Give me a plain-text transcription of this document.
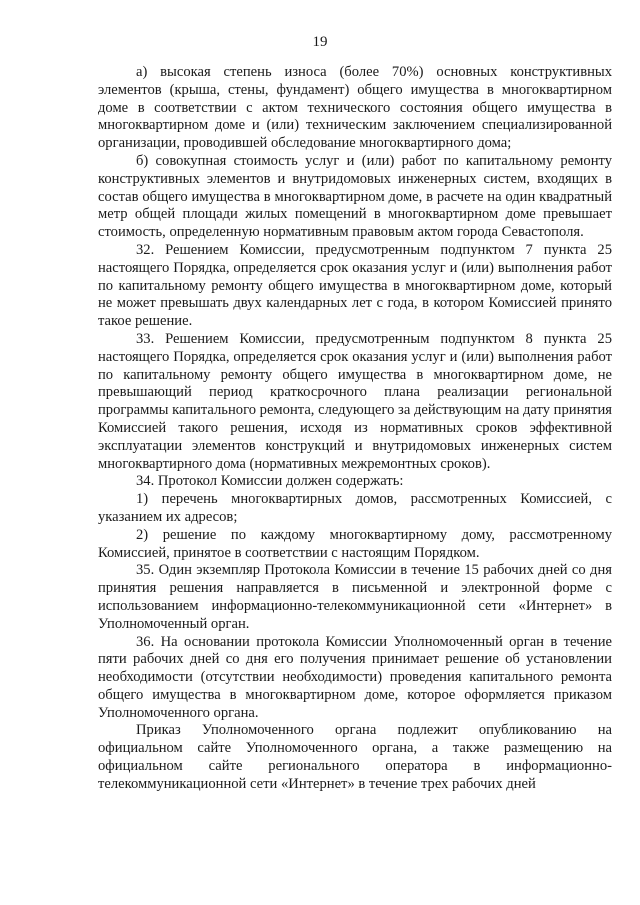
19

а) высокая степень износа (более 70%) основных конструктивных элементов (крыша, стены, фундамент) общего имущества в многоквартирном доме в соответствии с актом технического состояния общего имущества в многоквартирном доме и (или) техническим заключением специализированной организации, проводившей обследование многоквартирного дома;

б) совокупная стоимость услуг и (или) работ по капитальному ремонту конструктивных элементов и внутридомовых инженерных систем, входящих в состав общего имущества в многоквартирном доме, в расчете на один квадратный метр общей площади жилых помещений в многоквартирном доме превышает стоимость, определенную нормативным правовым актом города Севастополя.

32. Решением Комиссии, предусмотренным подпунктом 7 пункта 25 настоящего Порядка, определяется срок оказания услуг и (или) выполнения работ по капитальному ремонту общего имущества в многоквартирном доме, который не может превышать двух календарных лет с года, в котором Комиссией принято такое решение.

33. Решением Комиссии, предусмотренным подпунктом 8 пункта 25 настоящего Порядка, определяется срок оказания услуг и (или) выполнения работ по капитальному ремонту общего имущества в многоквартирном доме, не превышающий период краткосрочного плана реализации региональной программы капитального ремонта, следующего за действующим на дату принятия Комиссией такого решения, исходя из нормативных сроков эффективной эксплуатации элементов конструкций и внутридомовых инженерных систем многоквартирного дома (нормативных межремонтных сроков).

34. Протокол Комиссии должен содержать:

1) перечень многоквартирных домов, рассмотренных Комиссией, с указанием их адресов;

2) решение по каждому многоквартирному дому, рассмотренному Комиссией, принятое в соответствии с настоящим Порядком.

35. Один экземпляр Протокола Комиссии в течение 15 рабочих дней со дня принятия решения направляется в письменной и электронной форме с использованием информационно-телекоммуникационной сети «Интернет» в Уполномоченный орган.

36. На основании протокола Комиссии Уполномоченный орган в течение пяти рабочих дней со дня его получения принимает решение об установлении необходимости (отсутствии необходимости) проведения капитального ремонта общего имущества в многоквартирном доме, которое оформляется приказом Уполномоченного органа.

Приказ Уполномоченного органа подлежит опубликованию на официальном сайте Уполномоченного органа, а также размещению на официальном сайте регионального оператора в информационно-телекоммуникационной сети «Интернет» в течение трех рабочих дней
